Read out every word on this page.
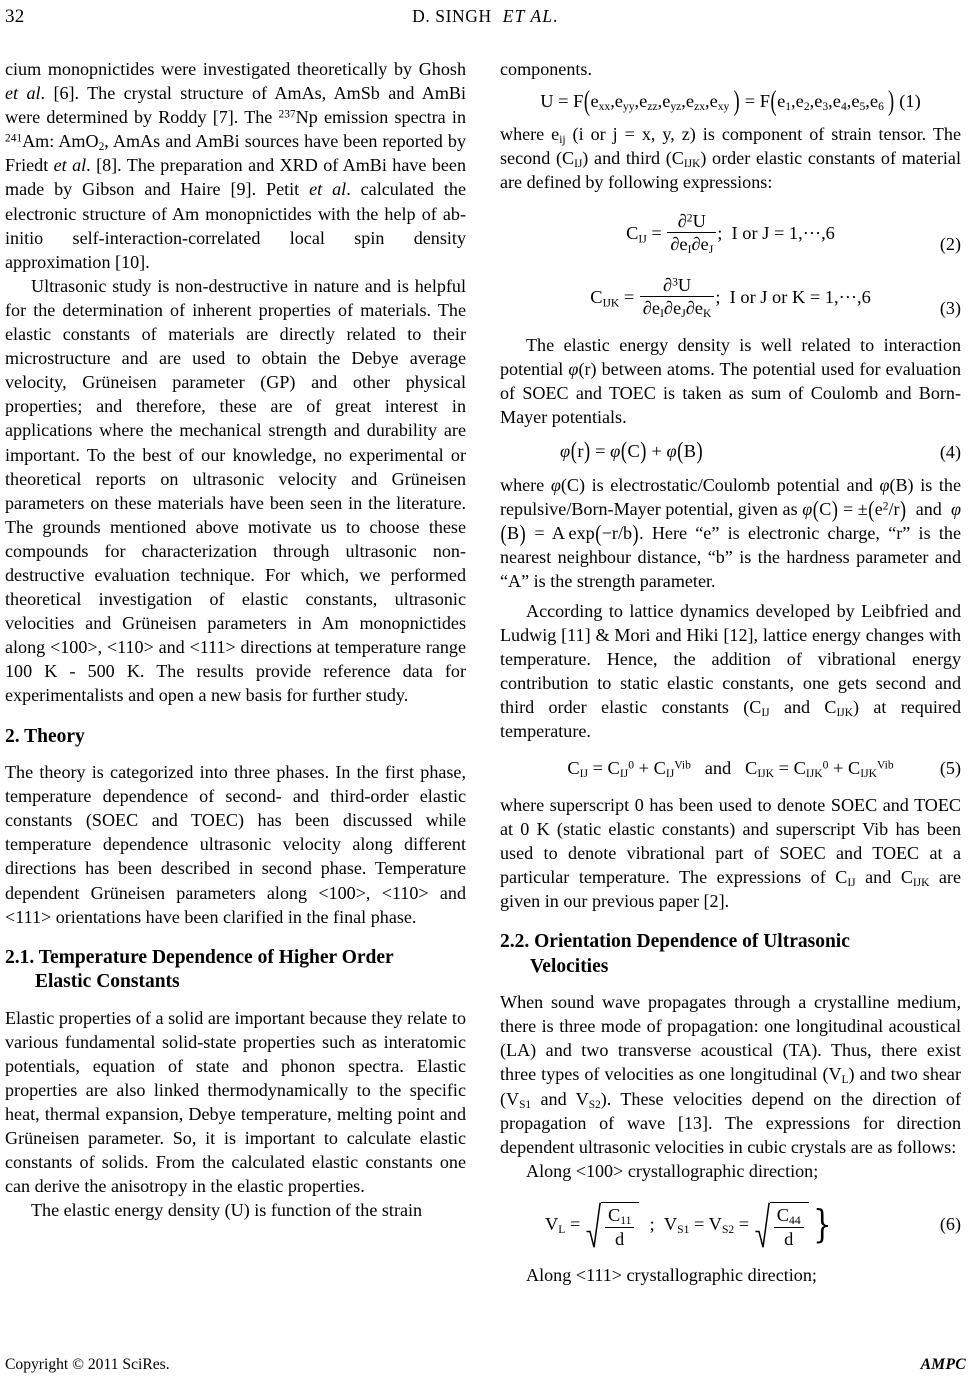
32	D. SINGH ET AL.

cium monopnictides were investigated theoretically by Ghosh et al. [6]. The crystal structure of AmAs, AmSb and AmBi were determined by Roddy [7]. The $^{237}$Np emission spectra in $^{241}$Am: AmO$_2$, AmAs and AmBi sources have been reported by Friedt et al. [8]. The preparation and XRD of AmBi have been made by Gibson and Haire [9]. Petit et al. calculated the electronic structure of Am monopnictides with the help of ab-initio self-interaction-correlated local spin density approximation [10].

Ultrasonic study is non-destructive in nature and is helpful for the determination of inherent properties of materials. The elastic constants of materials are directly related to their microstructure and are used to obtain the Debye average velocity, Grüneisen parameter (GP) and other physical properties; and therefore, these are of great interest in applications where the mechanical strength and durability are important. To the best of our knowledge, no experimental or theoretical reports on ultrasonic velocity and Grüneisen parameters on these materials have been seen in the literature. The grounds mentioned above motivate us to choose these compounds for characterization through ultrasonic non-destructive evaluation technique. For which, we performed theoretical investigation of elastic constants, ultrasonic velocities and Grüneisen parameters in Am monopnictides along <100>, <110> and <111> directions at temperature range 100 K - 500 K. The results provide reference data for experimentalists and open a new basis for further study.

2. Theory

The theory is categorized into three phases. In the first phase, temperature dependence of second- and third-order elastic constants (SOEC and TOEC) has been discussed while temperature dependence ultrasonic velocity along different directions has been described in second phase. Temperature dependent Grüneisen parameters along <100>, <110> and <111> orientations have been clarified in the final phase.

2.1. Temperature Dependence of Higher Order
Elastic Constants

Elastic properties of a solid are important because they relate to various fundamental solid-state properties such as interatomic potentials, equation of state and phonon spectra. Elastic properties are also linked thermodynamically to the specific heat, thermal expansion, Debye temperature, melting point and Grüneisen parameter. So, it is important to calculate elastic constants of solids. From the calculated elastic constants one can derive the anisotropy in the elastic properties.

The elastic energy density (U) is function of the strain

components.

$U = F(e_{xx},e_{yy},e_{zz},e_{yz},e_{zx},e_{xy}$  ) = $F(e_1,e_2,e_3,e_4,e_5,e_6$  ) (1)

where $e_{ij}$ (i or j = x, y, z) is component of strain tensor. The second $(C_{IJ})$ and third $(C_{IJK})$ order elastic constants of material are defined by following expressions:

$C_{IJ} = \frac{\partial^2U}{\partial e_I\partial e_J}$ ;  I or J = 1,···,6
(2)
$C_{IJK} = \frac{\partial^3U}{\partial e_I\partial e_J\partial e_K}$ ;  I or J or K = 1,···,6
(3)

The elastic energy density is well related to interaction potential φ(r) between atoms. The potential used for evaluation of SOEC and TOEC is taken as sum of Coulomb and Born-Mayer potentials.

φ(r) = φ(C) + φ(B)	(4)

where φ(C) is electrostatic/Coulomb potential and φ(B) is the repulsive/Born-Mayer potential, given as $\varphi(C) = \pm(e^2/r)$  and  φ(B) = A exp(−r/b). Here “e” is electronic charge, “r” is the nearest neighbour distance, “b” is the hardness parameter and “A” is the strength parameter.

According to lattice dynamics developed by Leibfried and Ludwig [11] & Mori and Hiki [12], lattice energy changes with temperature. Hence, the addition of vibrational energy contribution to static elastic constants, one gets second and third order elastic constants ($C_{IJ}$ and $C_{IJK}$) at required temperature.

$C_{IJ} = C_{IJ}^0 + C_{IJ}^{Vib}$ and   $C_{IJK} = C_{IJK}^0 + C_{IJK}^{Vib}$	(5)

where superscript 0 has been used to denote SOEC and TOEC at 0 K (static elastic constants) and superscript Vib has been used to denote vibrational part of SOEC and TOEC at a particular temperature. The expressions of $C_{IJ}$ and $C_{IJK}$ are given in our previous paper [2].

2.2. Orientation Dependence of Ultrasonic
Velocities

When sound wave propagates through a crystalline medium, there is three mode of propagation: one longitudinal acoustical (LA) and two transverse acoustical (TA). Thus, there exist three types of velocities as one longitudinal $(V_L)$ and two shear ($V_{S1}$ and $V_{S2}$). These velocities depend on the direction of propagation of wave [13]. The expressions for direction dependent ultrasonic velocities in cubic crystals are as follows:

Along <100> crystallographic direction;

$V_L = \frac{C_{11}}{d}$ ;  $V_{S1} = V_{S2} = \frac{C_{44}}{d}$ }	(6)

Along <111> crystallographic direction;

Copyright © 2011 SciRes.	AMPC
